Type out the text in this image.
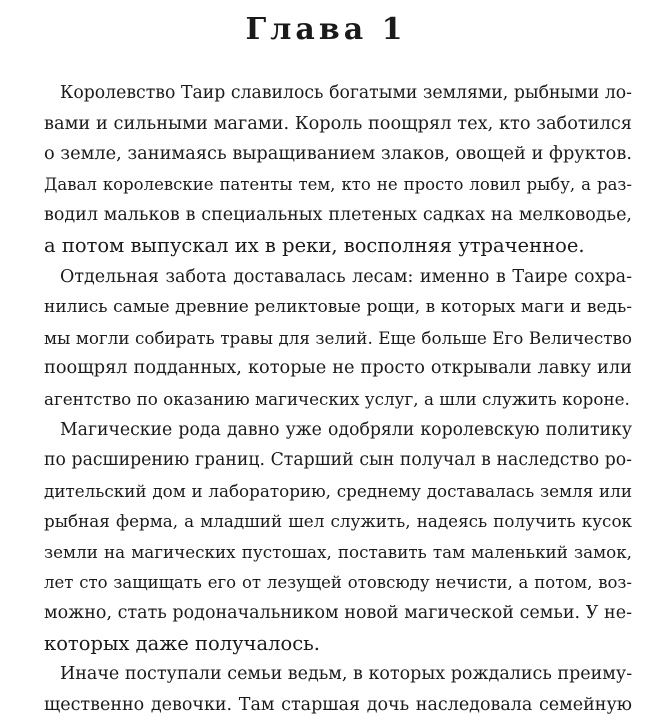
Глава 1
Королевство Таир славилось богатыми землями, рыбными ло-
вами и сильными магами. Король поощрял тех, кто заботился
о земле, занимаясь выращиванием злаков, овощей и фруктов.
Давал королевские патенты тем, кто не просто ловил рыбу, а раз-
водил мальков в специальных плетеных садках на мелководье,
а потом выпускал их в реки, восполняя утраченное.
Отдельная забота доставалась лесам: именно в Таире сохра-
нились самые древние реликтовые рощи, в которых маги и ведь-
мы могли собирать травы для зелий. Еще больше Его Величество
поощрял подданных, которые не просто открывали лавку или
агентство по оказанию магических услуг, а шли служить короне.
Магические рода давно уже одобряли королевскую политику
по расширению границ. Старший сын получал в наследство ро-
дительский дом и лабораторию, среднему доставалась земля или
рыбная ферма, а младший шел служить, надеясь получить кусок
земли на магических пустошах, поставить там маленький замок,
лет сто защищать его от лезущей отовсюду нечисти, а потом, воз-
можно, стать родоначальником новой магической семьи. У не-
которых даже получалось.
Иначе поступали семьи ведьм, в которых рождались преиму-
щественно девочки. Там старшая дочь наследовала семейную
